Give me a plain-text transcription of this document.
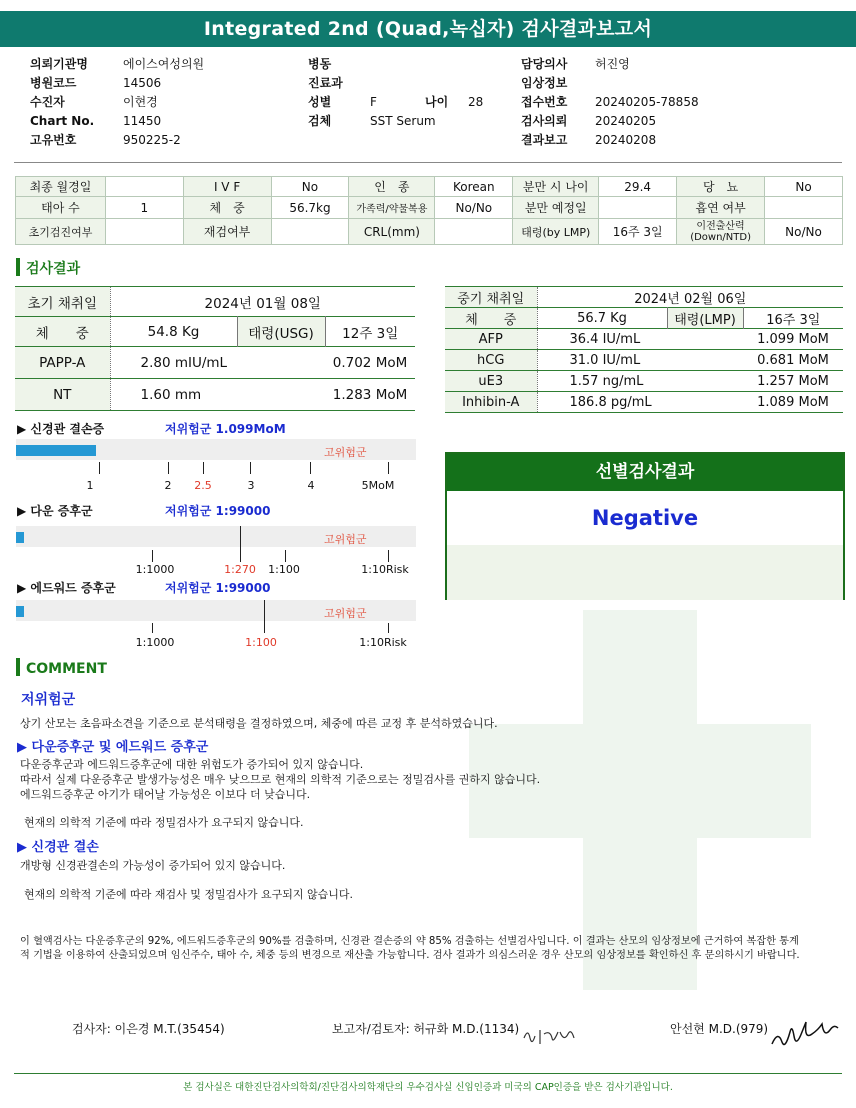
Integrated 2nd (Quad,녹십자) 검사결과보고서
의뢰기관명	에이스여성의원
병원코드	14506
수진자	이현경
Chart No. 11450
고유번호	950225-2
병동
진료과
성별	F	나이 28
검체	SST Serum
담당의사 허진영
임상정보
접수번호 20240205-78858
검사의뢰 20240205
결과보고 20240208
최종 월경일		I V F	No	인　종	Korean	분만 시 나이	29.4	당　뇨	No
태아 수	1	체　중	56.7kg	가족력/약물복용	No/No	분만 예정일		흡연 여부	
초기검진여부		재검여부		CRL(mm)		태령(by LMP)	16주 3일	이전출산력 (Down/NTD)	No/No
검사결과
초기 채취일	2024년 01월 08일		
체　　중	54.8 Kg	태령(USG)	12주 3일
PAPP-A	2.80 mIU/mL		0.702 MoM
NT	1.60 mm		1.283 MoM
중기 채취일	2024년 02월 06일		
체　　중	56.7 Kg	태령(LMP)	16주 3일
AFP	36.4 IU/mL		1.099 MoM
hCG	31.0 IU/mL		0.681 MoM
uE3	1.57 ng/mL		1.257 MoM
Inhibin-A	186.8 pg/mL		1.089 MoM
▶ 신경관 결손증	저위험군 1.099MoM
고위험군
1	2 2.5	3	4	5MoM
▶ 다운 증후군	저위험군 1:99000
고위험군
1:1000	1:270 1:100	1:10Risk
▶ 에드워드 증후군	저위험군 1:99000
고위험군
1:1000	1:100	1:10Risk
선별검사결과
Negative
COMMENT
저위험군
상기 산모는 초음파소견을 기준으로 분석태령을 결정하였으며, 체중에 따른 교정 후 분석하였습니다.
▶ 다운증후군 및 에드워드 증후군
다운증후군과 에드워드증후군에 대한 위험도가 증가되어 있지 않습니다.
따라서 실제 다운증후군 발생가능성은 매우 낮으므로 현재의 의학적 기준으로는 정밀검사를 권하지 않습니다.
에드워드증후군 아기가 태어날 가능성은 이보다 더 낮습니다.
현재의 의학적 기준에 따라 정밀검사가 요구되지 않습니다.
▶ 신경관 결손
개방형 신경관결손의 가능성이 증가되어 있지 않습니다.
현재의 의학적 기준에 따라 재검사 및 정밀검사가 요구되지 않습니다.
이 혈액검사는 다운증후군의 92%, 에드워드증후군의 90%를 검출하며, 신경관 결손증의 약 85% 검출하는 선별검사입니다. 이 결과는 산모의 임상정보에 근거하여 복잡한 통계
적 기법을 이용하여 산출되었으며 임신주수, 태아 수, 체중 등의 변경으로 재산출 가능합니다. 검사 결과가 의심스러운 경우 산모의 임상정보를 확인하신 후 문의하시기 바랍니다.
검사자: 이은경 M.T.(35454)	보고자/검토자: 허규화 M.D.(1134)	안선현 M.D.(979)
본 검사실은 대한진단검사의학회/진단검사의학재단의 우수검사실 신임인증과 미국의 CAP인증을 받은 검사기관입니다.
